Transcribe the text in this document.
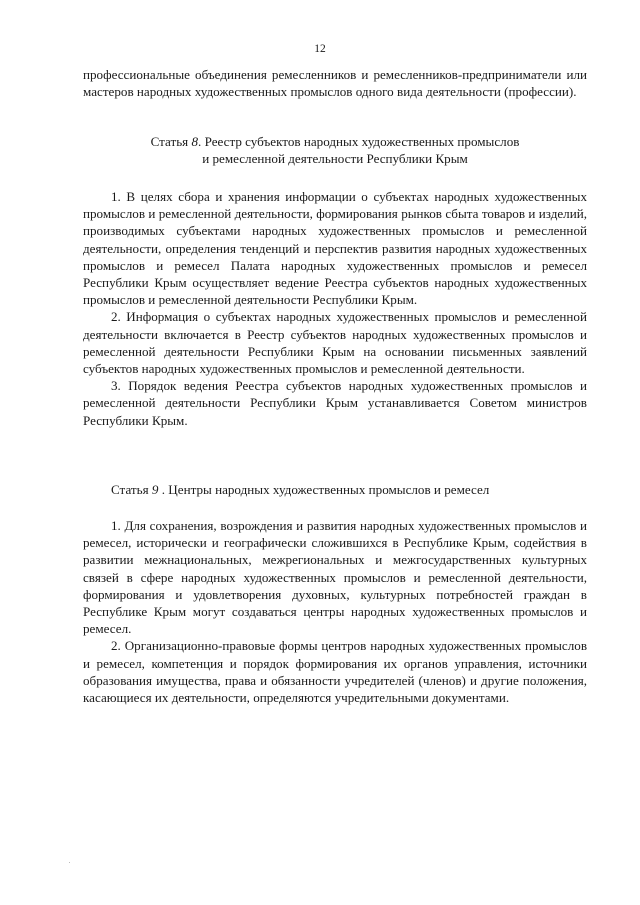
12
профессиональные объединения ремесленников и ремесленников-предприниматели или мастеров народных художественных промыслов одного вида деятельности (профессии).

Статья 8. Реестр субъектов народных художественных промыслов

и ремесленной деятельности Республики Крым

1. В целях сбора и хранения информации о субъектах народных художественных промыслов и ремесленной деятельности, формирования рынков сбыта товаров и изделий, производимых субъектами народных художественных промыслов и ремесленной деятельности, определения тенденций и перспектив развития народных художественных промыслов и ремесел Палата народных художественных промыслов и ремесел Республики Крым осуществляет ведение Реестра субъектов народных художественных промыслов и ремесленной деятельности Республики Крым.

2. Информация о субъектах народных художественных промыслов и ремесленной деятельности включается в Реестр субъектов народных художественных промыслов и ремесленной деятельности Республики Крым на основании письменных заявлений субъектов народных художественных промыслов и ремесленной деятельности.

3. Порядок ведения Реестра субъектов народных художественных промыслов и ремесленной деятельности Республики Крым устанавливается Советом министров Республики Крым.

Статья 9 . Центры народных художественных промыслов и ремесел

1. Для сохранения, возрождения и развития народных художественных промыслов и ремесел, исторически и географически сложившихся в Республике Крым, содействия в развитии межнациональных, межрегиональных и межгосударственных культурных связей в сфере народных художественных промыслов и ремесленной деятельности, формирования и удовлетворения духовных, культурных потребностей граждан в Республике Крым могут создаваться центры народных художественных промыслов и ремесел.

2. Организационно-правовые формы центров народных художественных промыслов и ремесел, компетенция и порядок формирования их органов управления, источники образования имущества, права и обязанности учредителей (членов) и другие положения, касающиеся их деятельности, определяются учредительными документами.
